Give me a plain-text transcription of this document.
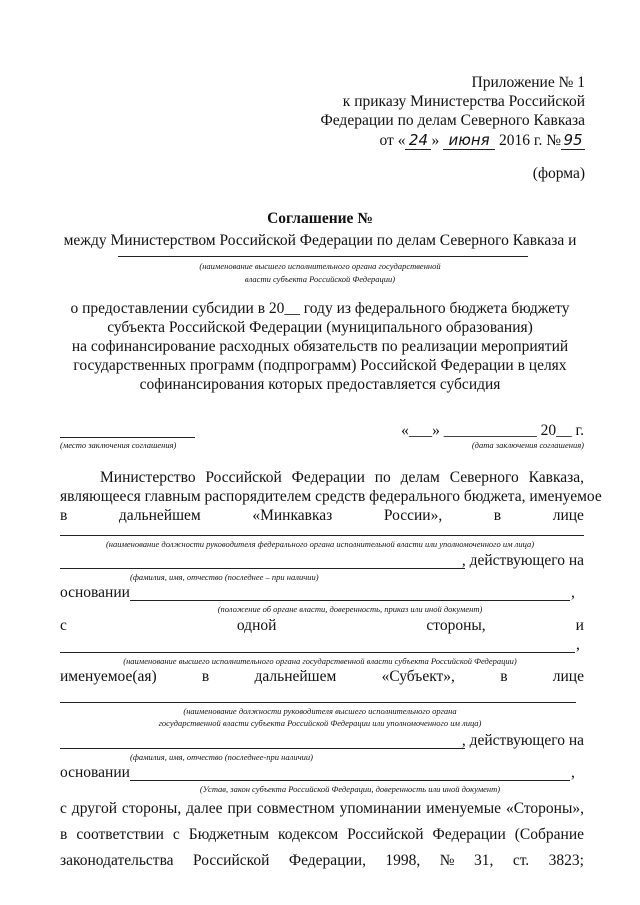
Приложение № 1
к приказу Министерства Российской
Федерации по делам Северного Кавказа
от « 24 » июня 2016 г. № 95
(форма)
Соглашение №
между Министерством Российской Федерации по делам Северного Кавказа и
(наименование высшего исполнительного органа государственной
власти субъекта Российской Федерации)
о предоставлении субсидии в 20__ году из федерального бюджета бюджету
субъекта Российской Федерации (муниципального образования)
на софинансирование расходных обязательств по реализации мероприятий
государственных программ (подпрограмм) Российской Федерации в целях
софинансирования которых предоставляется субсидия
(место заключения соглашения)
«___» ____________ 20__ г.
(дата заключения соглашения)
Министерство Российской Федерации по делам Северного Кавказа,
являющееся главным распорядителем средств федерального бюджета, именуемое
в	дальнейшем	«Минкавказ	России»,	в	лице
(наименование должности руководителя федерального органа исполнительной власти или уполномоченного им лица)
, действующего на
(фамилия, имя, отчество (последнее – при наличии)
основании	,
(положение об органе власти, доверенность, приказ или иной документ)
с	одной	стороны,	и
,
(наименование высшего исполнительного органа государственной власти субъекта Российской Федерации)
именуемое(ая)	в	дальнейшем	«Субъект»,	в	лице
(наименование должности руководителя высшего исполнительного органа
государственной власти субъекта Российской Федерации или уполномоченного им лица)
, действующего на
(фамилия, имя, отчество (последнее-при наличии)
основании	,
(Устав, закон субъекта Российской Федерации, доверенность или иной документ)
с другой стороны, далее при совместном упоминании именуемые «Стороны»,
в соответствии с Бюджетным кодексом Российской Федерации (Собрание
законодательства Российской Федерации, 1998, № 31, ст. 3823;
